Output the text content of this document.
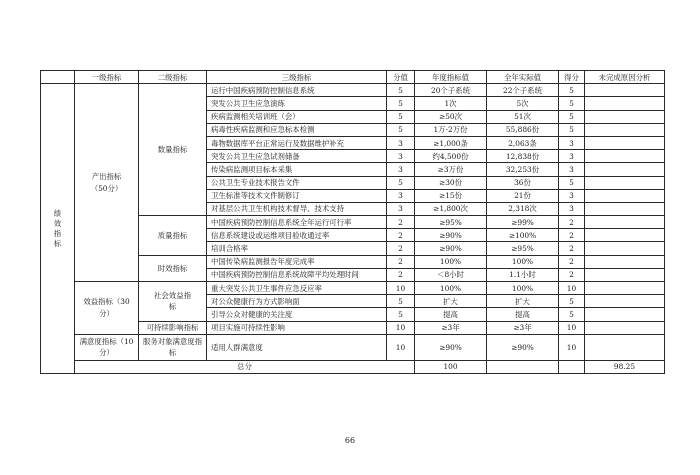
	一级指标	二级指标	三级指标	分值	年度指标值	全年实际值	得分	未完成原因分析	
绩效指标	产出指标（50分）	数量指标	运行中国疾病预防控制信息系统	5	20个子系统	22个子系统	5		
			突发公共卫生应急演练	5	1次	5次	5		
			疾病监测相关培训班（会）	5	≥50次	51次	5		
			病毒性疾病监测和应急标本检测	5	1万-2万份	55,886份	5		
			毒物数据库平台正常运行及数据维护补充	3	≥1,000条	2,063条	3		
			突发公共卫生应急试剂储备	3	约4,500份	12,838份	3		
			传染病监测项目标本采集	3	≥3万份	32,253份	3		
			公共卫生专业技术报告文件	5	≥30份	36份	5		
			卫生标准等技术文件制修订	3	≥15份	21份	3		
			对基层公共卫生机构技术督导、技术支持	3	≥1,800次	2,318次	3		
		质量指标	中国疾病预防控制信息系统全年运行可行率	2	≥95%	≥99%	2		
			信息系统建设或运维项目验收通过率	2	≥90%	≥100%	2		
			培训合格率	2	≥90%	≥95%	2		
		时效指标	中国传染病监测报告年度完成率	2	100%	100%	2		
			中国疾病预防控制信息系统故障平均处理时间	2	＜8小时	1.1小时	2		
	效益指标（30分）	社会效益指标	重大突发公共卫生事件应急反应率	10	100%	100%	10		
			对公众健康行为方式影响面	5	扩大	扩大	5		
			引导公众对健康的关注度	5	提高	提高	5		
		可持续影响指标	项目实施可持续性影响	10	≥3年	≥3年	10		
	满意度指标（10分）	服务对象满意度指标	适用人群满意度	10	≥90%	≥90%	10		
	总分				100			98.25	
66
